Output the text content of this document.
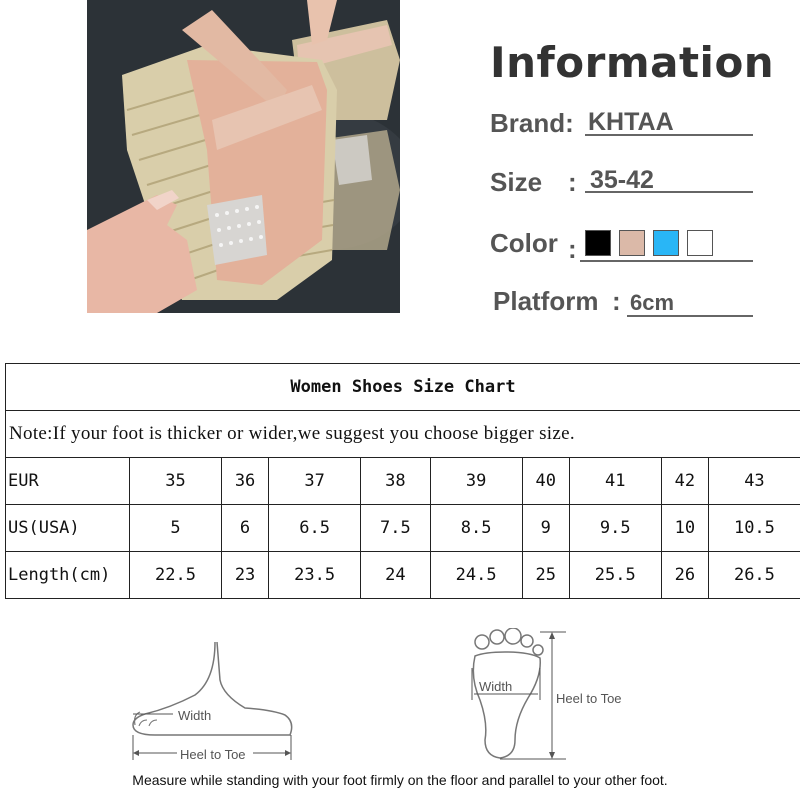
Information
Brand: KHTAA
Size : 35-42
Color :
Platform : 6cm
Women Shoes Size Chart									
Note:If your foot is thicker or wider,we suggest you choose bigger size.									
EUR	35	36	37	38	39	40	41	42	43
US(USA)	5	6	6.5	7.5	8.5	9	9.5	10	10.5
Length(cm)	22.5	23	23.5	24	24.5	25	25.5	26	26.5
Width
Heel to Toe
Width
Heel to Toe
Measure while standing with your foot firmly on the floor and parallel to your other foot.
